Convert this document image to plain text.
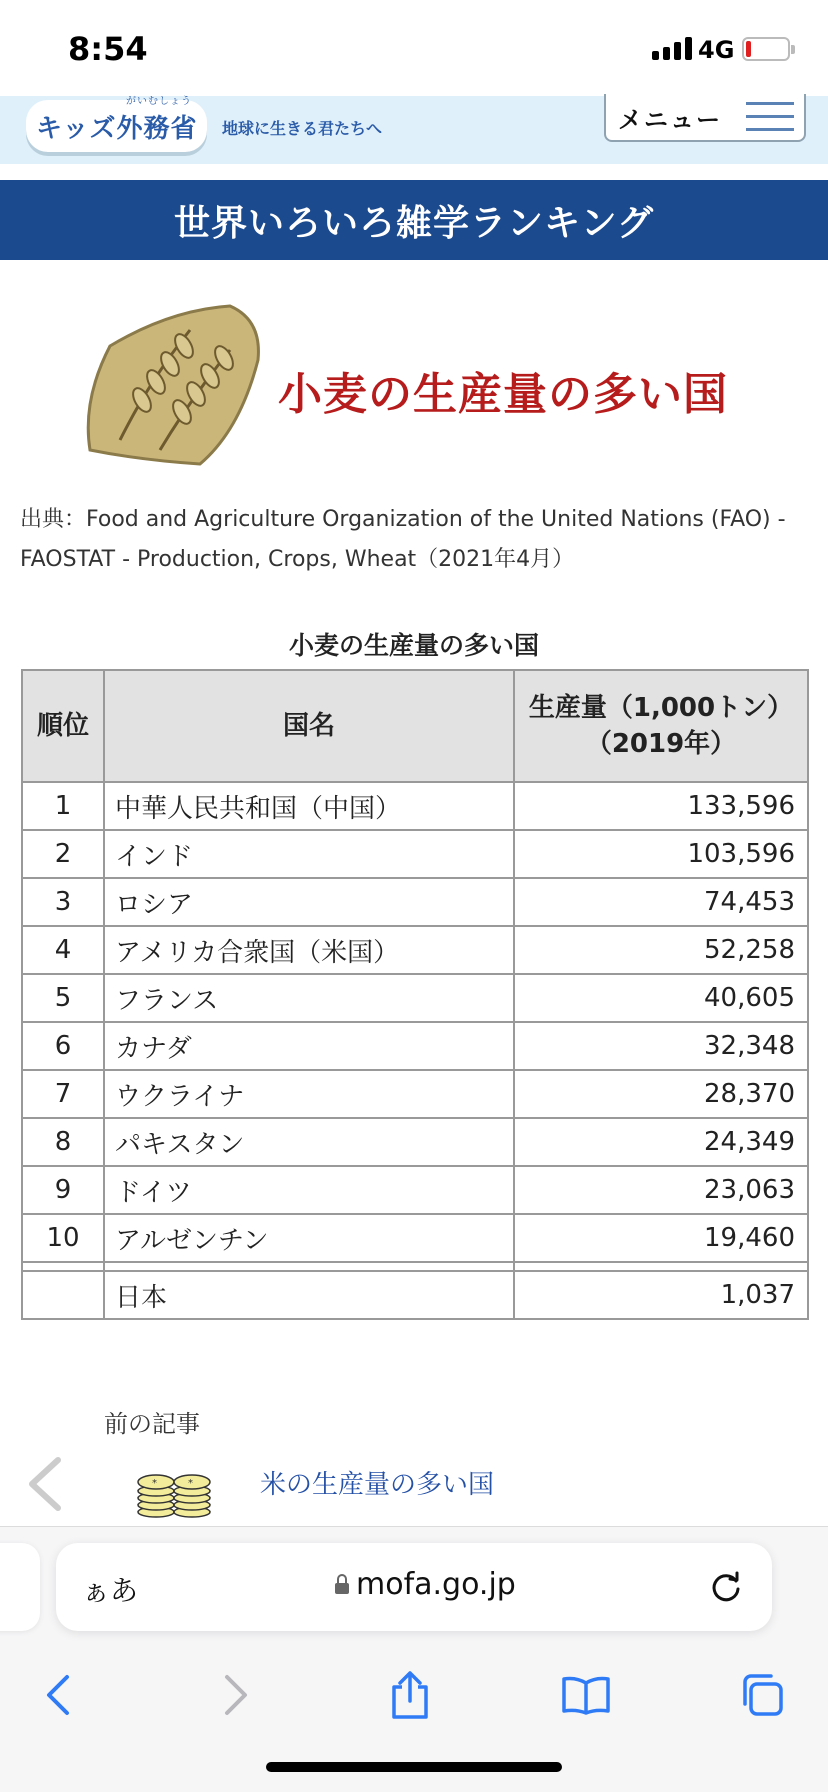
8:54	4G
がいむしょう
キッズ外務省 地球に生きる君たちへ	メニュー
世界いろいろ雑学ランキング
小麦の生産量の多い国
出典：Food and Agriculture Organization of the United Nations (FAO) - FAOSTAT - Production, Crops, Wheat（2021年4月）
小麦の生産量の多い国
順位	国名	生産量（1,000トン）（2019年）
1	中華人民共和国（中国）	133,596
2	インド	103,596
3	ロシア	74,453
4	アメリカ合衆国（米国）	52,258
5	フランス	40,605
6	カナダ	32,348
7	ウクライナ	28,370
8	パキスタン	24,349
9	ドイツ	23,063
10	アルゼンチン	19,460

	日本	1,037
前の記事
*	*	米の生産量の多い国
ぁあ	mofa.go.jp
